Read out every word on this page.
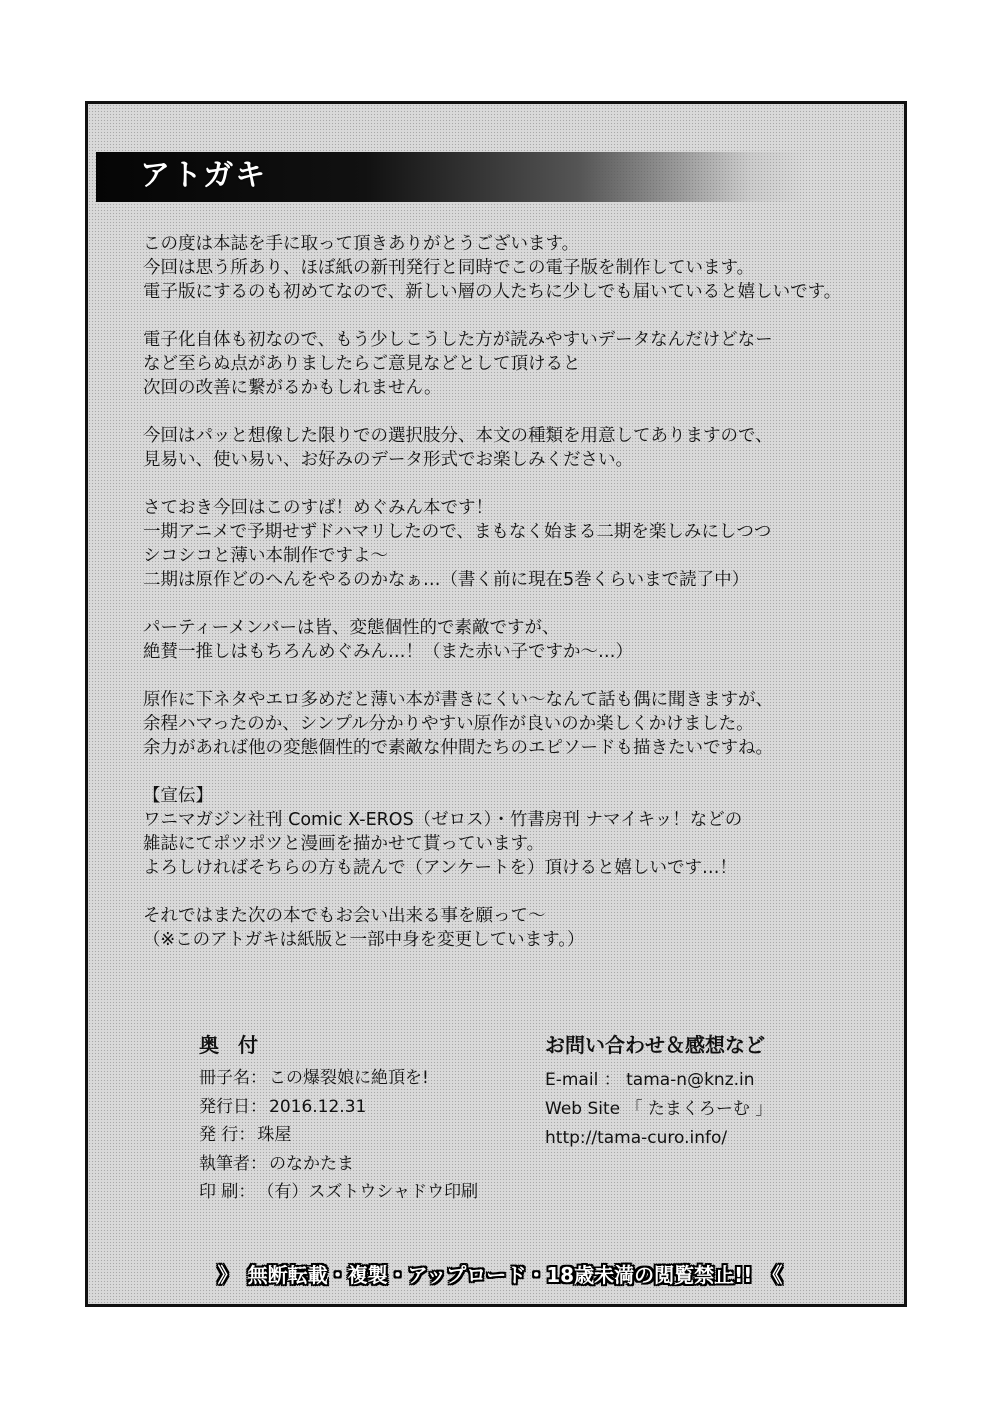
アトガキ

この度は本誌を手に取って頂きありがとうございます。
今回は思う所あり、ほぼ紙の新刊発行と同時でこの電子版を制作しています。
電子版にするのも初めてなので、新しい層の人たちに少しでも届いていると嬉しいです。

電子化自体も初なので、もう少しこうした方が読みやすいデータなんだけどなー
など至らぬ点がありましたらご意見などとして頂けると
次回の改善に繋がるかもしれません。

今回はパッと想像した限りでの選択肢分、本文の種類を用意してありますので、
見易い、使い易い、お好みのデータ形式でお楽しみください。

さておき今回はこのすば！めぐみん本です！
一期アニメで予期せずドハマリしたので、まもなく始まる二期を楽しみにしつつ
シコシコと薄い本制作ですよ～
二期は原作どのへんをやるのかなぁ…（書く前に現在5巻くらいまで読了中）

パーティーメンバーは皆、変態個性的で素敵ですが、
絶賛一推しはもちろんめぐみん…！（また赤い子ですか～…）

原作に下ネタやエロ多めだと薄い本が書きにくい～なんて話も偶に聞きますが、
余程ハマったのか、シンプル分かりやすい原作が良いのか楽しくかけました。
余力があれば他の変態個性的で素敵な仲間たちのエピソードも描きたいですね。

【宣伝】
ワニマガジン社刊 Comic X-EROS（ゼロス）・竹書房刊 ナマイキッ！などの
雑誌にてポツポツと漫画を描かせて貰っています。
よろしければそちらの方も読んで（アンケートを）頂けると嬉しいです…！

それではまた次の本でもお会い出来る事を願って～
（※このアトガキは紙版と一部中身を変更しています。）

奥 付
冊子名： この爆裂娘に絶頂を!
発行日： 2016.12.31
発 行： 珠屋
執筆者： のなかたま
印 刷： （有）スズトウシャドウ印刷
お問い合わせ＆感想など
E-mail ： tama-n@knz.in
Web Site 「 たまくろーむ 」
http://tama-curo.info/
》 無断転載・複製・アップロード・18歳未満の閲覧禁止!! 《
